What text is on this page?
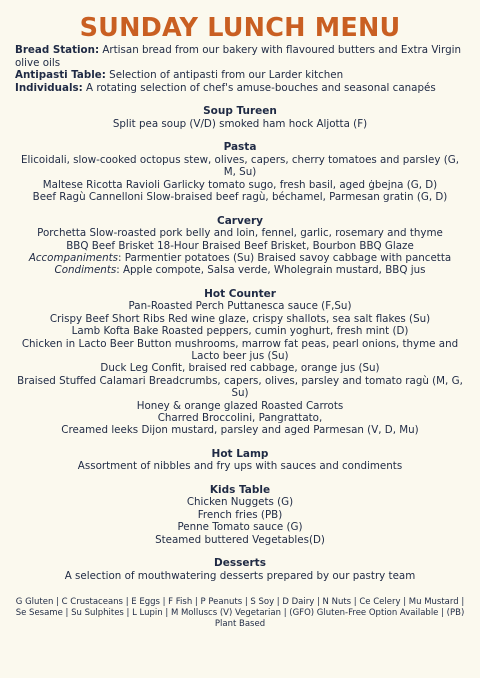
SUNDAY LUNCH MENU

Bread Station: Artisan bread from our bakery with flavoured butters and Extra Virgin olive oils

Antipasti Table: Selection of antipasti from our Larder kitchen

Individuals: A rotating selection of chef's amuse-bouches and seasonal canapés

Soup Tureen

Split pea soup (V/D) smoked ham hock Aljotta (F)

Pasta

Elicoidali, slow-cooked octopus stew, olives, capers, cherry tomatoes and parsley (G, M, Su)

Maltese Ricotta Ravioli Garlicky tomato sugo, fresh basil, aged ġbejna (G, D)

Beef Ragù Cannelloni Slow-braised beef ragù, béchamel, Parmesan gratin (G, D)

Carvery

Porchetta Slow-roasted pork belly and loin, fennel, garlic, rosemary and thyme

BBQ Beef Brisket 18-Hour Braised Beef Brisket, Bourbon BBQ Glaze

Accompaniments: Parmentier potatoes (Su) Braised savoy cabbage with pancetta

Condiments: Apple compote, Salsa verde, Wholegrain mustard, BBQ jus

Hot Counter

Pan-Roasted Perch Puttanesca sauce (F,Su)

Crispy Beef Short Ribs Red wine glaze, crispy shallots, sea salt flakes (Su)

Lamb Kofta Bake Roasted peppers, cumin yoghurt, fresh mint (D)

Chicken in Lacto Beer Button mushrooms, marrow fat peas, pearl onions, thyme and Lacto beer jus (Su)

Duck Leg Confit, braised red cabbage, orange jus (Su)

Braised Stuffed Calamari Breadcrumbs, capers, olives, parsley and tomato ragù (M, G, Su)

Honey & orange glazed Roasted Carrots

Charred Broccolini, Pangrattato,

Creamed leeks Dijon mustard, parsley and aged Parmesan (V, D, Mu)

Hot Lamp

Assortment of nibbles and fry ups with sauces and condiments

Kids Table

Chicken Nuggets (G)

French fries (PB)

Penne Tomato sauce (G)

Steamed buttered Vegetables(D)

Desserts

A selection of mouthwatering desserts prepared by our pastry team

G Gluten | C Crustaceans | E Eggs | F Fish | P Peanuts | S Soy | D Dairy | N Nuts | Ce Celery | Mu Mustard | Se Sesame | Su Sulphites | L Lupin | M Molluscs (V) Vegetarian | (GFO) Gluten-Free Option Available | (PB) Plant Based
